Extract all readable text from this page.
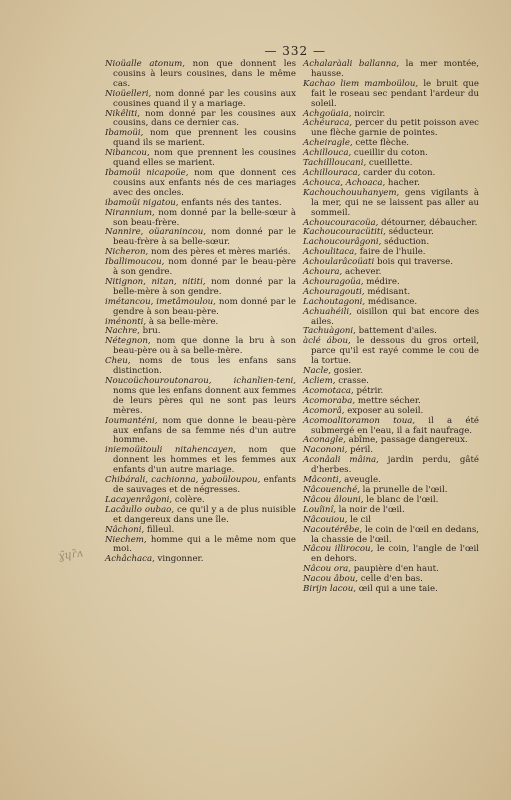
— 332 —

Nioüalle atonum, non que donnent les cousins à leurs cousines, dans le même cas.

Nioüelleri, nom donné par les cousins aux cousines quand il y a mariage.

Nikêliti, nom donné par les cousines aux cousins, dans ce dernier cas.

Ibamoüi, nom que prennent les cousins quand ils se marient.

Nibancou, nom que prennent les cousines quand elles se marient.

Ibamoüi nicapoüe, nom que donnent ces cousins aux enfants nés de ces mariages avec des oncles.

ibamoüi nigatou, enfants nés des tantes.

Nirannium, nom donné par la belle-sœur à son beau-frère.

Nannire, oüaranincou, nom donné par le beau-frère à sa belle-sœur.

Nicheron, nom des pères et mères mariés.

Iballimoucou, nom donné par le beau-père à son gendre.

Nitignon, nitan, nititi, nom donné par la belle-mère à son gendre.

imétancou, imetâmoulou, nom donné par le gendre à son beau-père.

iménonti, à sa belle-mère.

Nachre, bru.

Nétegnon, nom que donne la bru à son beau-père ou à sa belle-mère.

Cheu, noms de tous les enfans sans distinction.

Noucoüchouroutonarou, ichanlien-teni, noms que les enfans donnent aux femmes de leurs pères qui ne sont pas leurs mères.

Ioumanténi, nom que donne le beau-père aux enfans de sa femme nés d'un autre homme.

iniemoüitouli nitahencayen, nom que donnent les hommes et les femmes aux enfants d'un autre mariage.

Chibárali, cachionna, yaboüloupou, enfants de sauvages et de négresses.

Lacayenrâgoni, colère.

Lacâullo oubao, ce qu'il y a de plus nuisible et dangereux dans une île.

Nâchoni, filleul.

Niechem, homme qui a le même nom que moi.

Achâchaca, vingonner.

Achalaràali ballanna, la mer montée, hausse.

Kachao liem mamboülou, le bruit que fait le roseau sec pendant l'ardeur du soleil.

Achgoüaia, noircir.

Achéuraca, percer du petit poisson avec une flèche garnie de pointes.

Acheiragle, cette flèche.

Achillouca, cueillir du coton.

Tachillloucani, cueillette.

Achillouraca, carder du coton.

Achouca, Achoaca, hacher.

Kachouchouuhanyem, gens vigilants à la mer, qui ne se laissent pas aller au sommeil.

Achoucouracoüa, détourner, débaucher.

Kachoucouracütiti, séducteur.

Lachoucourâgoni, séduction.

Achoulitaca, faire de l'huile.

Achoularâcoüati bois qui traverse.

Achoura, achever.

Achouragoüa, médire.

Achouragouti, médisant.

Lachoutagoni, médisance.

Achuahéili, oisillon qui bat encore des ailes.

Tachuàgoni, battement d'ailes.

àclé ábou, le dessous du gros orteil, parce qu'il est rayé comme le cou de la tortue.

Nacle, gosier.

Acliem, crasse.

Acomotaca, pétrir.

Acomoraba, mettre sécher.

Acomorâ, exposer au soleil.

Acomoalitoramon toua, il a été submergé en l'eau, il a fait naufrage.

Aconagle, abîme, passage dangereux.

Nacononi, péril.

Aconâali mâina, jardin perdu, gâté d'herbes.

Mâconti, aveugle.

Nâcouenché, la prunelle de l'œil.

Nâcou âlouni, le blanc de l'œil.

Louîinî, la noir de l'œil.

Nâcouiou, le cil

Nacoutérêbe, le coin de l'œil en dedans, la chassie de l'œil.

Nâcou illirocou, le coin, l'angle de l'œil en dehors.

Nâcou ora, paupière d'en haut.

Nacou âbou, celle d'en bas.

Birijn lacou, œil qui a une taie.

ɣ̃ɥɾ̃ʌ
